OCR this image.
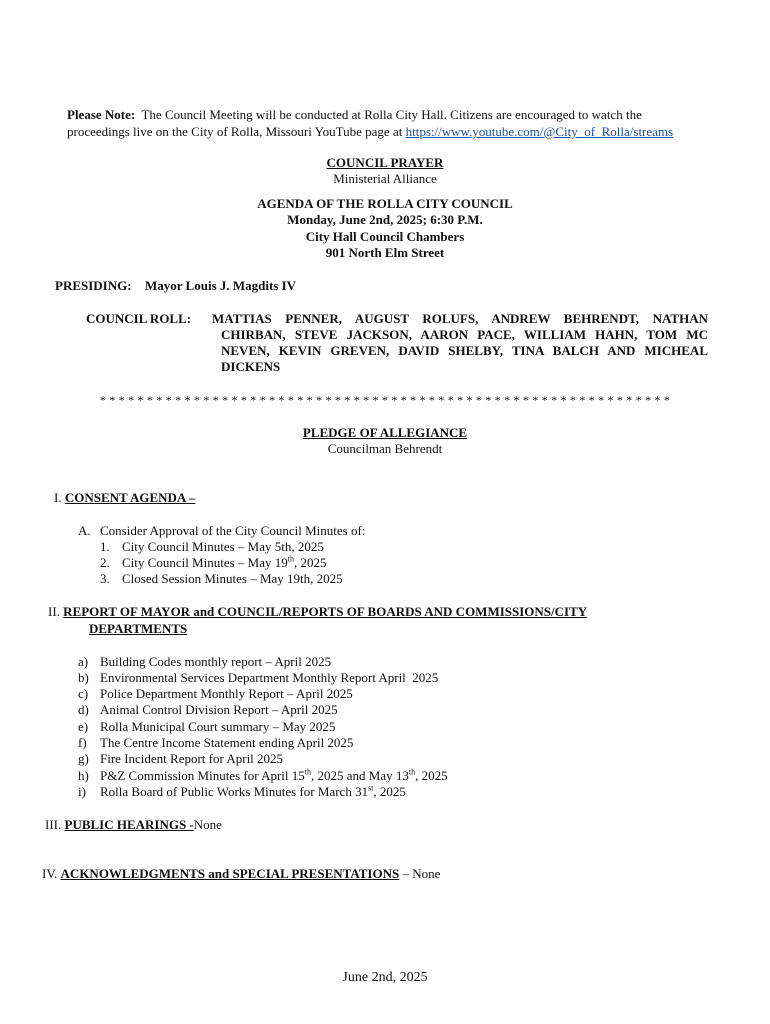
Please Note: The Council Meeting will be conducted at Rolla City Hall. Citizens are encouraged to watch the
proceedings live on the City of Rolla, Missouri YouTube page at https://www.youtube.com/@City_of_Rolla/streams
COUNCIL PRAYER
Ministerial Alliance
AGENDA OF THE ROLLA CITY COUNCIL
Monday, June 2nd, 2025; 6:30 P.M.
City Hall Council Chambers
901 North Elm Street
PRESIDING: Mayor Louis J. Magdits IV
COUNCIL ROLL: MATTIAS PENNER, AUGUST ROLUFS, ANDREW BEHRENDT, NATHAN
CHIRBAN, STEVE JACKSON, AARON PACE, WILLIAM HAHN, TOM MC
NEVEN, KEVIN GREVEN, DAVID SHELBY, TINA BALCH AND MICHEAL
DICKENS
* * * * * * * * * * * * * * * * * * * * * * * * * * * * * * * * * * * * * * * * * * * * * * * * * * * * * * * * * * * * *
PLEDGE OF ALLEGIANCE
Councilman Behrendt
I. CONSENT AGENDA –
A. Consider Approval of the City Council Minutes of:
1. City Council Minutes – May 5th, 2025
2. City Council Minutes – May 19th, 2025
3. Closed Session Minutes – May 19th, 2025
II. REPORT OF MAYOR and COUNCIL/REPORTS OF BOARDS AND COMMISSIONS/CITY
DEPARTMENTS
a) Building Codes monthly report – April 2025
b) Environmental Services Department Monthly Report April  2025
c) Police Department Monthly Report – April 2025
d) Animal Control Division Report – April 2025
e) Rolla Municipal Court summary – May 2025
f) The Centre Income Statement ending April 2025
g) Fire Incident Report for April 2025
h) P&Z Commission Minutes for April 15th, 2025 and May 13th, 2025
i) Rolla Board of Public Works Minutes for March 31st, 2025
III. PUBLIC HEARINGS -None
IV. ACKNOWLEDGMENTS and SPECIAL PRESENTATIONS – None
June 2nd, 2025
